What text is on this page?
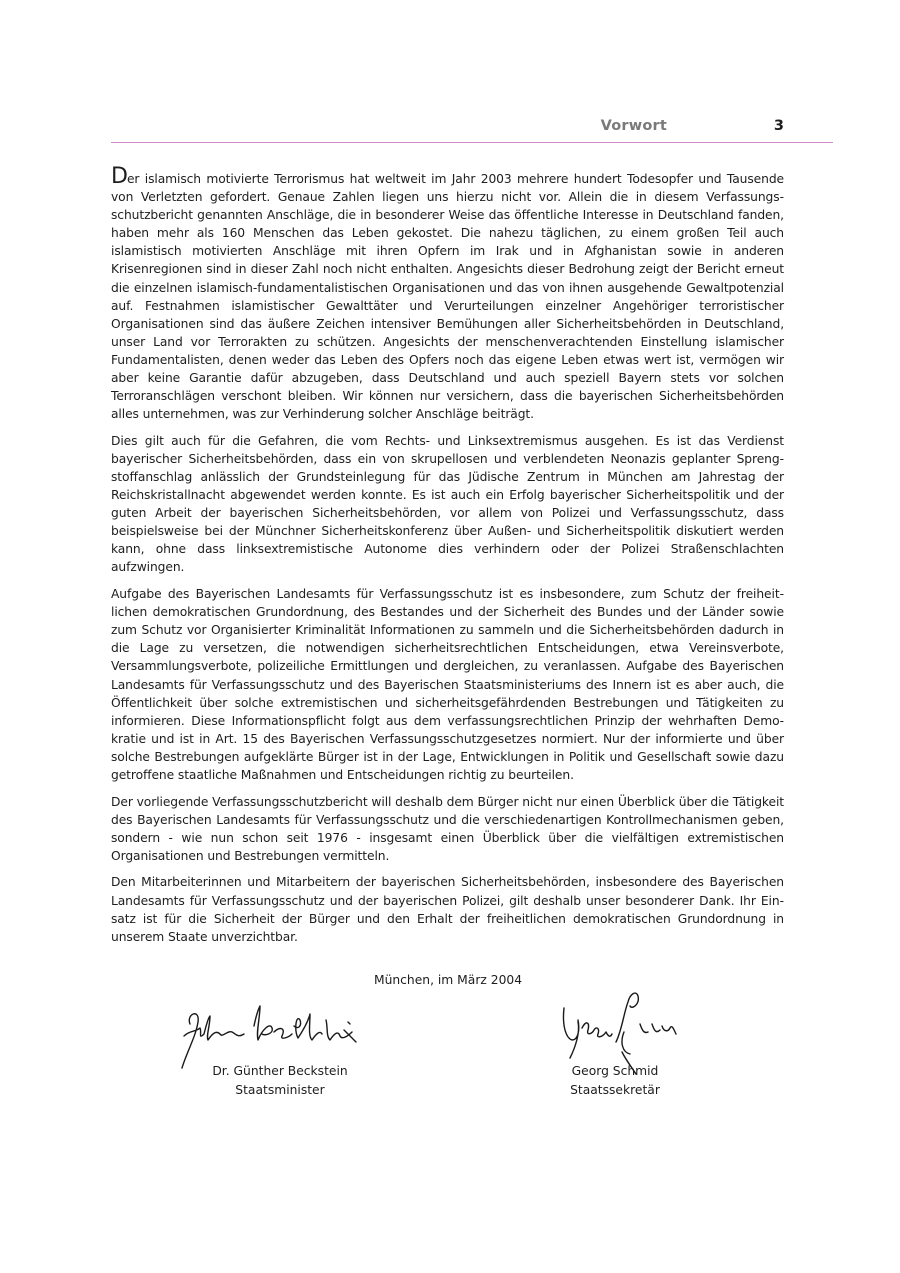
Vorwort	3

Der islamisch motivierte Terrorismus hat weltweit im Jahr 2003 mehrere hundert Todesopfer und Tausende von Verletzten gefordert. Genaue Zahlen liegen uns hierzu nicht vor. Allein die in diesem Verfassungsschutzbericht genannten Anschläge, die in besonderer Weise das öffentliche Interesse in Deutschland fanden, haben mehr als 160 Menschen das Leben gekostet. Die nahezu täglichen, zu einem großen Teil auch islamistisch motivierten Anschläge mit ihren Opfern im Irak und in Afghanistan sowie in anderen Krisenregionen sind in dieser Zahl noch nicht enthalten. Angesichts dieser Bedrohung zeigt der Bericht erneut die einzelnen islamisch-fundamentalistischen Organisationen und das von ihnen ausgehende Gewaltpotenzial auf. Festnahmen islamistischer Gewalttäter und Verurteilungen einzelner Angehöriger terroristischer Organisationen sind das äußere Zeichen intensiver Bemühungen aller Sicherheitsbehörden in Deutschland, unser Land vor Terrorakten zu schützen. Angesichts der menschenverachtenden Einstellung islamischer Fundamentalisten, denen weder das Leben des Opfers noch das eigene Leben etwas wert ist, vermögen wir aber keine Garantie dafür abzugeben, dass Deutschland und auch speziell Bayern stets vor solchen Terroranschlägen verschont bleiben. Wir können nur versichern, dass die bayerischen Sicherheitsbehörden alles unternehmen, was zur Verhinderung solcher Anschläge beiträgt.

Dies gilt auch für die Gefahren, die vom Rechts- und Linksextremismus ausgehen. Es ist das Verdienst bayerischer Sicherheitsbehörden, dass ein von skrupellosen und verblendeten Neonazis geplanter Sprengstoffanschlag anlässlich der Grundsteinlegung für das Jüdische Zentrum in München am Jahrestag der Reichskristallnacht abgewendet werden konnte. Es ist auch ein Erfolg bayerischer Sicherheitspolitik und der guten Arbeit der bayerischen Sicherheitsbehörden, vor allem von Polizei und Verfassungsschutz, dass beispielsweise bei der Münchner Sicherheitskonferenz über Außen- und Sicherheitspolitik diskutiert werden kann, ohne dass linksextremistische Autonome dies verhindern oder der Polizei Straßenschlachten aufzwingen.

Aufgabe des Bayerischen Landesamts für Verfassungsschutz ist es insbesondere, zum Schutz der freiheitlichen demokratischen Grundordnung, des Bestandes und der Sicherheit des Bundes und der Länder sowie zum Schutz vor Organisierter Kriminalität Informationen zu sammeln und die Sicherheitsbehörden dadurch in die Lage zu versetzen, die notwendigen sicherheitsrechtlichen Entscheidungen, etwa Vereinsverbote, Versammlungsverbote, polizeiliche Ermittlungen und dergleichen, zu veranlassen. Aufgabe des Bayerischen Landesamts für Verfassungsschutz und des Bayerischen Staatsministeriums des Innern ist es aber auch, die Öffentlichkeit über solche extremistischen und sicherheitsgefährdenden Bestrebungen und Tätigkeiten zu informieren. Diese Informationspflicht folgt aus dem verfassungsrechtlichen Prinzip der wehrhaften Demokratie und ist in Art. 15 des Bayerischen Verfassungsschutzgesetzes normiert. Nur der informierte und über solche Bestrebungen aufgeklärte Bürger ist in der Lage, Entwicklungen in Politik und Gesellschaft sowie dazu getroffene staatliche Maßnahmen und Entscheidungen richtig zu beurteilen.

Der vorliegende Verfassungsschutzbericht will deshalb dem Bürger nicht nur einen Überblick über die Tätigkeit des Bayerischen Landesamts für Verfassungsschutz und die verschiedenartigen Kontrollmechanismen geben, sondern - wie nun schon seit 1976 - insgesamt einen Überblick über die vielfältigen extremistischen Organisationen und Bestrebungen vermitteln.

Den Mitarbeiterinnen und Mitarbeitern der bayerischen Sicherheitsbehörden, insbesondere des Bayerischen Landesamts für Verfassungsschutz und der bayerischen Polizei, gilt deshalb unser besonderer Dank. Ihr Einsatz ist für die Sicherheit der Bürger und den Erhalt der freiheitlichen demokratischen Grundordnung in unserem Staate unverzichtbar.

München, im März 2004
Dr. Günther Beckstein
Staatsminister
Georg Schmid
Staatssekretär
